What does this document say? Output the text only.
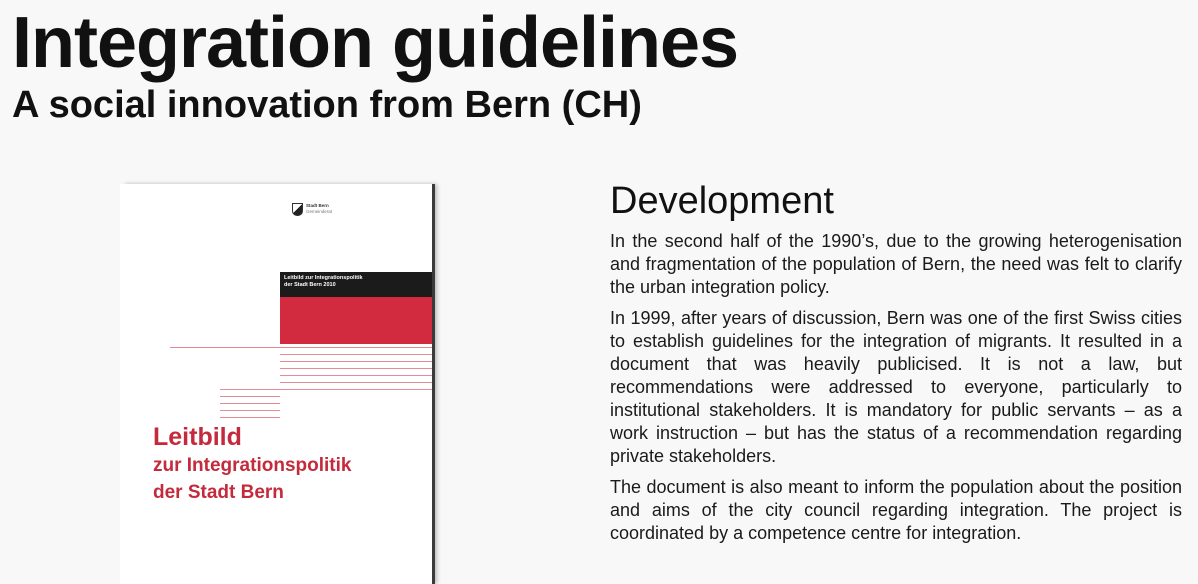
Integration guidelines
A social innovation from Bern (CH)
Stadt Bern
Gemeinderat
Leitbild zur Integrationspolitik
der Stadt Bern 2010
Leitbild
zur Integrationspolitik
der Stadt Bern
Development

In the second half of the 1990’s, due to the growing heterogenisation and fragmentation of the population of Bern, the need was felt to clarify the urban integration policy.

In 1999, after years of discussion, Bern was one of the first Swiss cities to establish guidelines for the integration of migrants. It resulted in a document that was heavily publicised. It is not a law, but recommendations were addressed to everyone, particularly to institutional stakeholders. It is mandatory for public servants – as a work instruction – but has the status of a recommendation regarding private stakeholders.

The document is also meant to inform the population about the position and aims of the city council regarding integration. The project is coordinated by a competence centre for integration.
